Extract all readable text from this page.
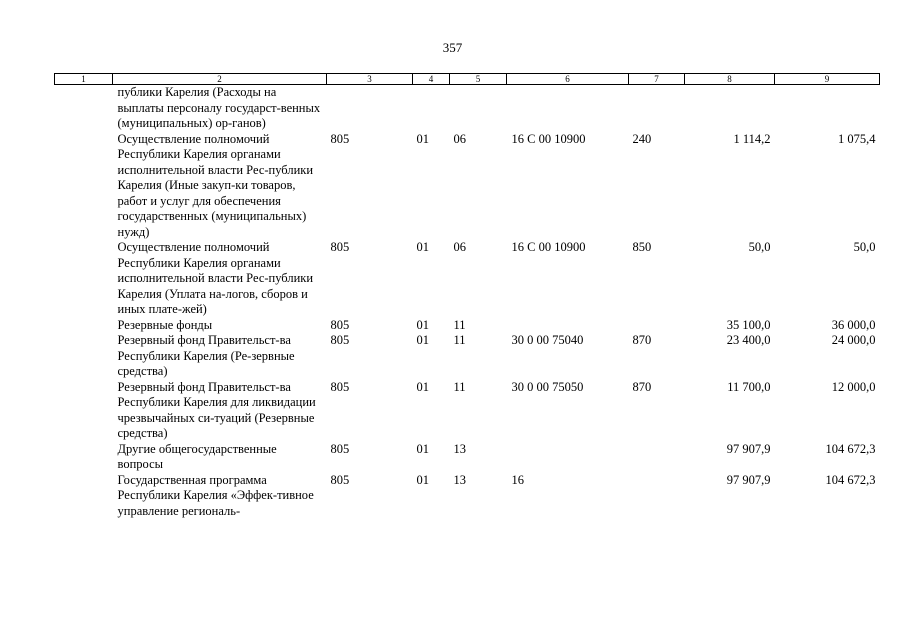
357
1	2	3	4	5	6	7	8	9
	публики Карелия (Расходы на выплаты персоналу государст-венных (муниципальных) ор-ганов)							
	Осуществление полномочий Республики Карелия органами исполнительной власти Рес-публики Карелия (Иные закуп-ки товаров, работ и услуг для обеспечения государственных (муниципальных) нужд)	805	01	06	16 С 00 10900	240	1 114,2	1 075,4
	Осуществление полномочий Республики Карелия органами исполнительной власти Рес-публики Карелия (Уплата на-логов, сборов и иных плате-жей)	805	01	06	16 С 00 10900	850	50,0	50,0
	Резервные фонды	805	01	11			35 100,0	36 000,0
	Резервный фонд Правительст-ва Республики Карелия (Ре-зервные средства)	805	01	11	30 0 00 75040	870	23 400,0	24 000,0
	Резервный фонд Правительст-ва Республики Карелия для ликвидации чрезвычайных си-туаций (Резервные средства)	805	01	11	30 0 00 75050	870	11 700,0	12 000,0
	Другие общегосударственные вопросы	805	01	13			97 907,9	104 672,3
	Государственная программа Республики Карелия «Эффек-тивное управление региональ-	805	01	13	16		97 907,9	104 672,3
